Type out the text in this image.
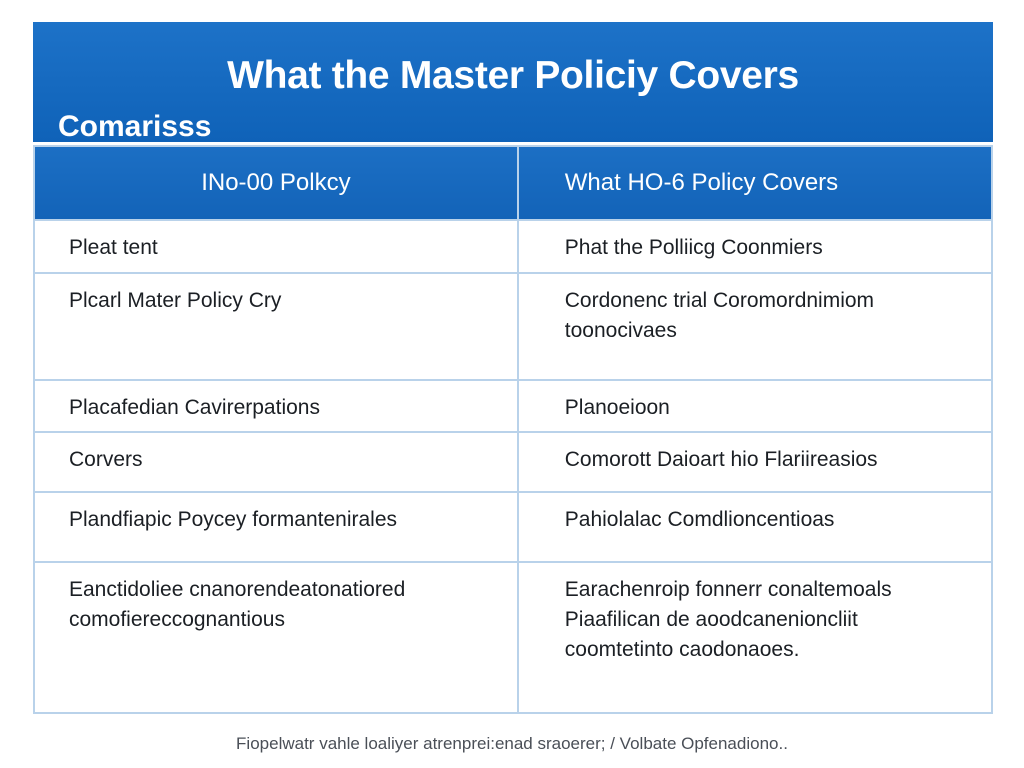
What the Master Policiy Covers
Comarisss
INo-00 Polkcy	What HO-6 Policy Covers

Pleat tent	Phat the Polliicg Coonmiers

Plcarl Mater Policy Cry	Cordonenc trial Coromordnimiom
toonocivaes

Placafedian Cavirerpations	Planoeioon

Corvers	Comorott Daioart hio Flariireasios

Plandfiapic Poycey formantenirales	Pahiolalac Comdlioncentioas

Eanctidoliee cnanorendeatonatiored
comofiereccognantious	Earachenroip fonnerr conaltemoals
Piaafilican de aoodcanenioncliit
coomtetinto caodonaoes.
Fiopelwatr vahle loaliyer atrenprei:enad sraoerer; / Volbate Opfenadiono..
